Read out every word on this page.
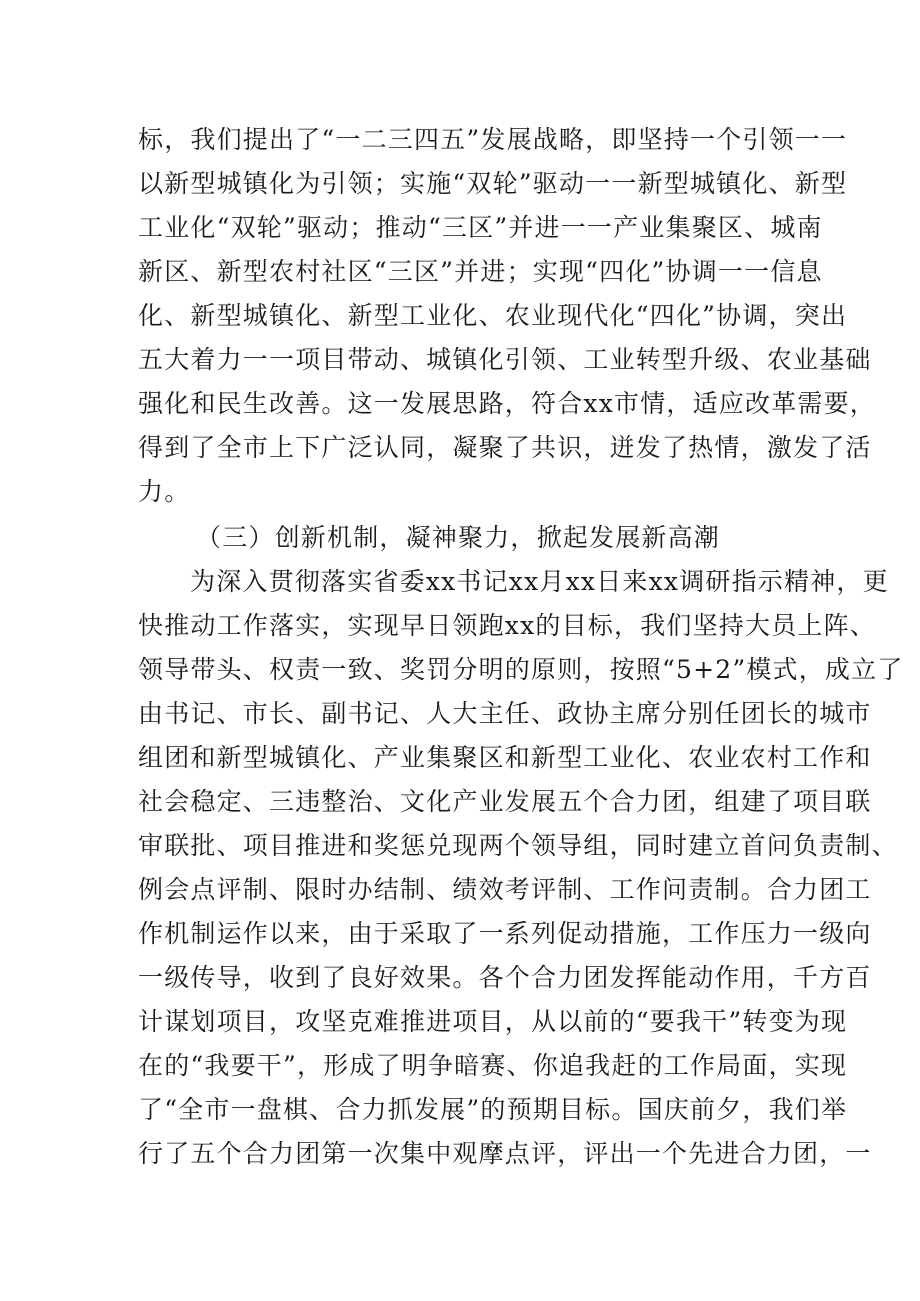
标，我们提出了“一二三四五”发展战略，即坚持一个引领一一
以新型城镇化为引领；实施“双轮”驱动一一新型城镇化、新型
工业化“双轮”驱动；推动“三区”并进一一产业集聚区、城南
新区、新型农村社区“三区”并进；实现“四化”协调一一信息
化、新型城镇化、新型工业化、农业现代化“四化”协调，突出
五大着力一一项目带动、城镇化引领、工业转型升级、农业基础
强化和民生改善。这一发展思路，符合xx市情，适应改革需要，
得到了全市上下广泛认同，凝聚了共识，迸发了热情，激发了活
力。
（三）创新机制，凝神聚力，掀起发展新高潮
为深入贯彻落实省委xx书记xx月xx日来xx调研指示精神，更
快推动工作落实，实现早日领跑xx的目标，我们坚持大员上阵、
领导带头、权责一致、奖罚分明的原则，按照“5+2”模式，成立了
由书记、市长、副书记、人大主任、政协主席分别任团长的城市
组团和新型城镇化、产业集聚区和新型工业化、农业农村工作和
社会稳定、三违整治、文化产业发展五个合力团，组建了项目联
审联批、项目推进和奖惩兑现两个领导组，同时建立首问负责制、
例会点评制、限时办结制、绩效考评制、工作问责制。合力团工
作机制运作以来，由于采取了一系列促动措施，工作压力一级向
一级传导，收到了良好效果。各个合力团发挥能动作用，千方百
计谋划项目，攻坚克难推进项目，从以前的“要我干”转变为现
在的“我要干”，形成了明争暗赛、你追我赶的工作局面，实现
了“全市一盘棋、合力抓发展”的预期目标。国庆前夕，我们举
行了五个合力团第一次集中观摩点评，评出一个先进合力团，一
